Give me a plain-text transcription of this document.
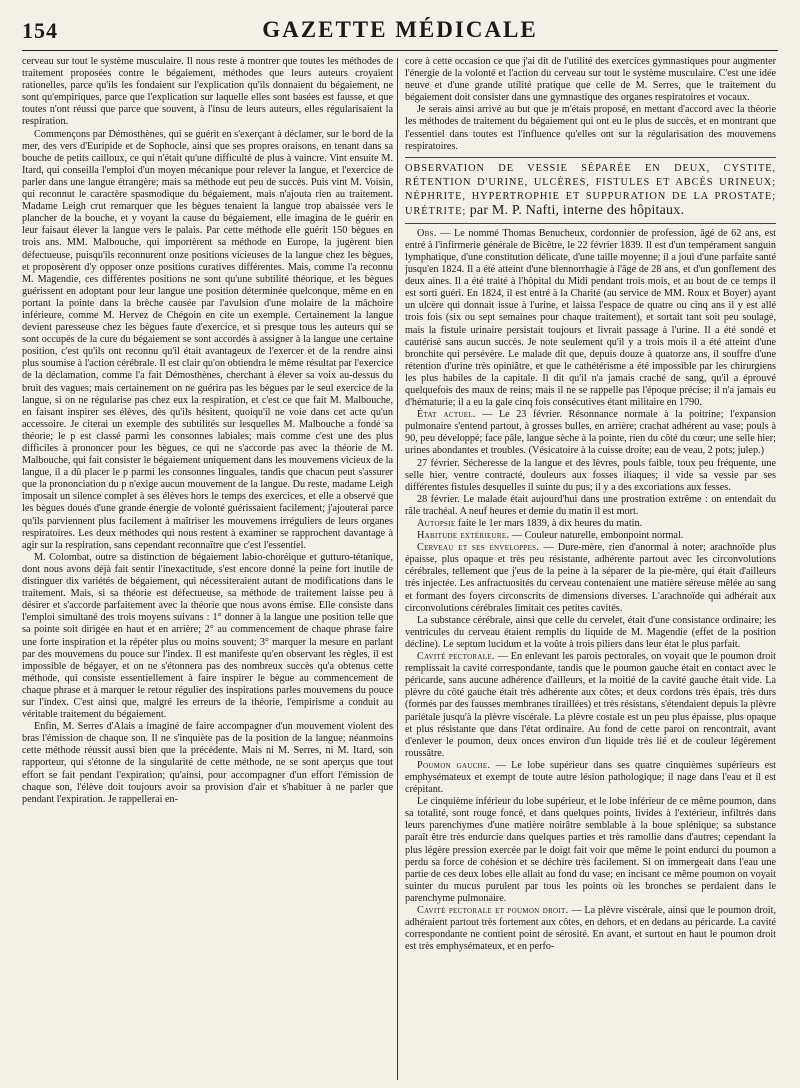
154	GAZETTE MÉDICALE

cerveau sur tout le système musculaire. Il nous reste à montrer que toutes les méthodes de traitement proposées contre le bégaiement, méthodes que leurs auteurs croyaient rationelles, parce qu'ils les fondaient sur l'explication qu'ils donnaient du bégaiement, ne sont qu'empiriques, parce que l'explication sur laquelle elles sont basées est fausse, et que toutes n'ont réussi que parce que souvent, à l'insu de leurs auteurs, elles régularisaient la respiration.

Commençons par Démosthènes, qui se guérit en s'exerçant à déclamer, sur le bord de la mer, des vers d'Euripide et de Sophocle, ainsi que ses propres oraisons, en tenant dans sa bouche de petits cailloux, ce qui n'était qu'une difficulté de plus à vaincre. Vint ensuite M. Itard, qui conseilla l'emploi d'un moyen mécanique pour relever la langue, et l'exercice de parler dans une langue étrangère; mais sa méthode eut peu de succès. Puis vint M. Voisin, qui reconnut le caractère spasmodique du bégaiement, mais n'ajouta rien au traitement. Madame Leigh crut remarquer que les bègues tenaient la langue trop abaissée vers le plancher de la bouche, et y voyant la cause du bégaiement, elle imagina de le guérir en leur faisaut élever la langue vers le palais. Par cette méthode elle guérit 150 bègues en trois ans. MM. Malbouche, qui importèrent sa méthode en Europe, la jugèrent bien défectueuse, puisqu'ils reconnurent onze positions vicieuses de la langue chez les bègues, et proposèrent d'y opposer onze positions curatives différentes. Mais, comme l'a reconnu M. Magendie, ces différentes positions ne sont qu'une subtilité théorique, et les bègues guérissent en adoptant pour leur langue une position déterminée quelconque, même en en portant la pointe dans la brèche causée par l'avulsion d'une molaire de la mâchoire inférieure, comme M. Hervez de Chégoin en cite un exemple. Certainement la langue devient paresseuse chez les bègues faute d'exercice, et si presque tous les auteurs qui se sont occupés de la cure du bégaiement se sont accordés à assigner à la langue une certaine position, c'est qu'ils ont reconnu qu'il était avantageux de l'exercer et de la rendre ainsi plus soumise à l'action cérébrale. Il est clair qu'on obtiendra le même résultat par l'exercice de la déclamation, comme l'a fait Démosthènes, cherchant à élever sa voix au-dessus du bruit des vagues; mais certainement on ne guérira pas les bègues par le seul exercice de la langue, si on ne régularise pas chez eux la respiration, et c'est ce que fait M. Malbouche, en faisant inspirer ses élèves, dès qu'ils hésitent, quoiqu'il ne voie dans cet acte qu'un accessoire. Je citerai un exemple des subtilités sur lesquelles M. Malbouche a fondé sa théorie; le p est classé parmi les consonnes labiales; mais comme c'est une des plus difficiles à prononcer pour les bègues, ce qui ne s'accorde pas avec la théorie de M. Malbouche, qui fait consister le bégaiement uniquement dans les mouvemens vicieux de la langue, il a dû placer le p parmi les consonnes linguales, tandis que chacun peut s'assurer que la prononciation du p n'exige aucun mouvement de la langue. Du reste, madame Leigh imposait un silence complet à ses élèves hors le temps des exercices, et elle a observé que les bègues doués d'une grande énergie de volonté guérissaient facilement; j'ajouterai parce qu'ils parviennent plus facilement à maîtriser les mouvemens irréguliers de leurs organes respiratoires. Les deux méthodes qui nous restent à examiner se rapprochent davantage à agir sur la respiration, sans cependant reconnaître que c'est l'essentiel.

M. Colombat, outre sa distinction de bégaiement labio-choréique et gutturo-tétanique, dont nous avons déjà fait sentir l'inexactitude, s'est encore donné la peine fort inutile de distinguer dix variétés de bégaiement, qui nécessiteraient autant de modifications dans le traitement. Mais, si sa théorie est défectueuse, sa méthode de traitement laisse peu à désirer et s'accorde parfaitement avec la théorie que nous avons émise. Elle consiste dans l'emploi simultané des trois moyens suivans : 1° donner à la langue une position telle que sa pointe soit dirigée en haut et en arrière; 2° au commencement de chaque phrase faire une forte inspiration et la répéter plus ou moins souvent; 3° marquer la mesure en parlant par des mouvemens du pouce sur l'index. Il est manifeste qu'en observant les règles, il est impossible de bégayer, et on ne s'étonnera pas des nombreux succès qu'a obtenus cette méthode, qui consiste essentiellement à faire inspirer le bègue au commencement de chaque phrase et à marquer le retour régulier des inspirations parles mouvemens du pouce sur l'index. C'est ainsi que, malgré les erreurs de la théorie, l'empirisme a conduit au véritable traitement du bégaiement.

Enfin, M. Serres d'Alais a imaginé de faire accompagner d'un mouvement violent des bras l'émission de chaque son. Il ne s'inquiète pas de la position de la langue; néanmoins cette méthode réussit aussi bien que la précédente. Mais ni M. Serres, ni M. Itard, son rapporteur, qui s'étonne de la singularité de cette méthode, ne se sont aperçus que tout effort se fait pendant l'expiration; qu'ainsi, pour accompagner d'un effort l'émission de chaque son, l'élève doit toujours avoir sa provision d'air et s'habituer à ne parler que pendant l'expiration. Je rappellerai en-

core à cette occasion ce que j'ai dit de l'utilité des exercices gymnastiques pour augmenter l'énergie de la volonté et l'action du cerveau sur tout le système musculaire. C'est une idée neuve et d'une grande utilité pratique que celle de M. Serres, que le traitement du bégaiement doit consister dans une gymnastique des organes respiratoires et vocaux.

Je serais ainsi arrivé au but que je m'étais proposé, en mettant d'accord avec la théorie les méthodes de traitement du bégaiement qui ont eu le plus de succès, et en montrant que l'essentiel dans toutes est l'influence qu'elles ont sur la régularisation des mouvemens respiratoires.

OBSERVATION DE VESSIE SÉPARÉE EN DEUX, CYSTITE, RÉTENTION D'URINE, ULCÈRES, FISTULES ET ABCÈS URINEUX; NÉPHRITE, HYPERTROPHIE ET SUPPURATION DE LA PROSTATE; URÉTRITE; par M. P. Nafti, interne des hôpitaux.

Obs. — Le nommé Thomas Benucheux, cordonnier de profession, âgé de 62 ans, est entré à l'infirmerie générale de Bicêtre, le 22 février 1839. Il est d'un tempérament sanguin lymphatique, d'une constitution délicate, d'une taille moyenne; il a joui d'une parfaite santé jusqu'en 1824. Il a été atteint d'une blennorrhagie à l'âge de 28 ans, et d'un gonflement des deux aines. Il a été traité à l'hôpital du Midi pendant trois mois, et au bout de ce temps il est sorti guéri. En 1824, il est entré à la Charité (au service de MM. Roux et Boyer) ayant un ulcère qui donnait issue à l'urine, et laissa l'espace de quatre ou cinq ans il y est allé trois fois (six ou sept semaines pour chaque traitement), et sortait tant soit peu soulagé, mais la fistule urinaire persistait toujours et livrait passage à l'urine. Il a été sondé et cautérisé sans aucun succès. Je note seulement qu'il y a trois mois il a été atteint d'une bronchite qui persévère. Le malade dit que, depuis douze à quatorze ans, il souffre d'une rétention d'urine très opiniâtre, et que le cathétérisme a été impossible par les chirurgiens les plus habiles de la capitale. Il dit qu'il n'a jamais craché de sang, qu'il a éprouvé quelquefois des maux de reins; mais il ne se rappelle pas l'époque précise; il n'a jamais eu d'hématurie; il a eu la gale cinq fois consécutives étant militaire en 1790.

État actuel. — Le 23 février. Résonnance normale à la poitrine; l'expansion pulmonaire s'entend partout, à grosses bulles, en arrière; crachat adhérent au vase; pouls à 90, peu développé; face pâle, langue sèche à la pointe, rien du côté du cœur; une selle hier; urines abondantes et troubles. (Vésicatoire à la cuisse droite; eau de veau, 2 pots; julep.)

27 février. Sécheresse de la langue et des lèvres, pouls faible, toux peu fréquente, une selle hier, ventre contracté, douleurs aux fosses iliaques; il vide sa vessie par ses différentes fistules desquelles il suinte du pus; il y a des excoriations aux fesses.

28 février. Le malade était aujourd'hui dans une prostration extrême : on entendait du râle trachéal. A neuf heures et demie du matin il est mort.

Autopsie faite le 1er mars 1839, à dix heures du matin.

Habitude extérieure. — Couleur naturelle, embonpoint normal.

Cerveau et ses enveloppes. — Dure-mère, rien d'anormal à noter; arachnoïde plus épaisse, plus opaque et très peu résistante, adhérente partout avec les circonvolutions cérébrales, tellement que j'eus de la peine à la séparer de la pie-mère, qui était d'ailleurs très injectée. Les anfractuosités du cerveau contenaient une matière séreuse mêlée au sang et formant des foyers circonscrits de dimensions diverses. L'arachnoïde qui adhérait aux circonvolutions cérébrales limitait ces petites cavités.

La substance cérébrale, ainsi que celle du cervelet, était d'une consistance ordinaire; les ventricules du cerveau étaient remplis du liquide de M. Magendie (effet de la position décline). Le septum lucidum et la voûte à trois piliers dans leur état le plus parfait.

Cavité pectorale. — En enlevant les parois pectorales, on voyait que le poumon droit remplissait la cavité correspondante, tandis que le poumon gauche était en contact avec le péricarde, sans aucune adhérence d'ailleurs, et la moitié de la cavité gauche était vide. La plèvre du côté gauche était très adhérente aux côtes; et deux cordons très épais, très durs (formés par des fausses membranes tiraillées) et très résistans, s'étendaient depuis la plèvre pariétale jusqu'à la plèvre viscérale. La plèvre costale est un peu plus épaisse, plus opaque et plus résistante que dans l'état ordinaire. Au fond de cette paroi on rencontrait, avant d'enlever le poumon, deux onces environ d'un liquide très lié et de couleur légèrement roussâtre.

Poumon gauche. — Le lobe supérieur dans ses quatre cinquièmes supérieurs est emphysémateux et exempt de toute autre lésion pathologique; il nage dans l'eau et il est crépitant.

Le cinquième inférieur du lobe supérieur, et le lobe inférieur de ce même poumon, dans sa totalité, sont rouge foncé, et dans quelques points, livides à l'extérieur, infiltrés dans leurs parenchymes d'une matière noirâtre semblable à la boue splénique; sa substance paraît être très endurcie dans quelques parties et très ramollie dans d'autres; cependant la plus légère pression exercée par le doigt fait voir que même le point endurci du poumon a perdu sa force de cohésion et se déchire très facilement. Si on immergeait dans l'eau une partie de ces deux lobes elle allait au fond du vase; en incisant ce même poumon on voyait suinter du mucus purulent par tous les points où les bronches se perdaient dans le parenchyme pulmonaire.

Cavité pectorale et poumon droit. — La plèvre viscérale, ainsi que le poumon droit, adhéraient partout très fortement aux côtes, en dehors, et en dedans au péricarde. La cavité correspondante ne contient point de sérosité. En avant, et surtout en haut le poumon droit est très emphysémateux, et en perfo-
